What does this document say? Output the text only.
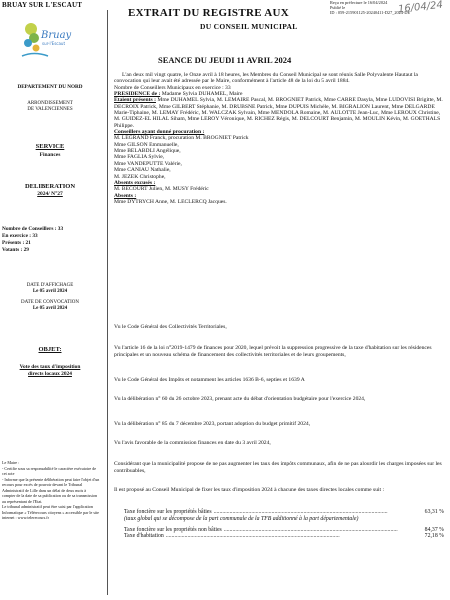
BRUAY SUR L'ESCAUT
Bruay
sur-l'Escaut
DEPARTEMENT DU NORD
ARRONDISSEMENT
DE VALENCIENNES
SERVICE
Finances
DELIBERATION
2024/ N°27
Nombre de Conseillers : 33
En exercice : 33
Présents : 21
Votants : 29
DATE D'AFFICHAGE
Le 05 avril 2024
DATE DE CONVOCATION
Le 05 avril 2024
OBJET:
Vote des taux d'imposition
directs locaux 2024
Le Maire :
- Certifie sous sa responsabilité le caractère exécutoire de cet acte
- Informe que la présente délibération peut faire l'objet d'un recours pour excès de pouvoir devant le Tribunal Administratif de Lille dans un délai de deux mois à compter de la date de sa publication ou de sa transmission au représentant de l'Etat.
Le tribunal administratif peut être saisi par l'application Informatique « Télérecours citoyens » accessible par le site internet : www.telerecours.fr
Reçu en préfecture le 16/04/2024
Publié le
ID : 059-215901125-20240411-D27_2024-DE
16/04/24
EXTRAIT DU REGISTRE AUX
DU CONSEIL MUNICIPAL
SEANCE DU JEUDI 11 AVRIL 2024

L'an deux mil vingt quatre, le Onze avril à 18 heures, les Membres du Conseil Municipal se sont réunis Salle Polyvalente Hautaut la convocation qui leur avait été adressée par le Maire, conformément à l'article 48 de la loi du 5 avril 1884.

Nombre de Conseillers Municipaux en exercice : 33

PRESIDENCE de : Madame Sylvia DUHAMEL, Maire

Etaient présents : Mme DUHAMEL Sylvia, M. LEMAIRE Pascal, M. BROGNIET Patrick, Mme CARRE Dasyla, Mme LUDOVISI Brigitte, M. DECROIX Patrick, Mme GILBERT Stéphanie, M. DRUBSNE Patrick, Mme DUPUIS Michèle, M. BIGRALION Laurent, Mme DELGARDE Marie-Tiphaine, M. LEMAY Frédéric, M. WALCZAK Sylvain, Mme MENDOLA Romaine, M. AULOTTE Jean-Luc, Mme LEROUX Christine, M. GUIDEZ-EL HILAL Siham, Mme LEROY Véronique, M. RICHEZ Régis, M. DELCOURT Benjamin, M. MOULIN Kévin, M. GOETHALS Philippe.

Conseillers ayant donné procuration :

M. LEGRAND Franck, procuration M. BROGNIET Patrick

Mme GILSON Emmanuelle,

Mme BELABDLI Angélique,

Mme FAGLIA Sylvie,

Mme VANDEPUTTE Valérie,

Mme CANIAU Nathalie,

M. JEZEK Christophe,

Absents excusés :

M. BECOURT Julien, M. MUSY Frédéric

Absents :

Mme DYTRYCH Anne, M. LECLERCQ Jacques.

Vu le Code Général des Collectivités Territoriales,
Vu l'article 16 de la loi n°2019-1479 de finances pour 2020, lequel prévoit la suppression progressive de la taxe d'habitation sur les résidences principales et un nouveau schéma de financement des collectivités territoriales et de leurs groupements,
Vu le Code Général des Impôts et notamment les articles 1636 B-6, septies et 1639 A
Vu la délibération n° 60 du 26 octobre 2023, prenant acte du débat d'orientation budgétaire pour l'exercice 2024,
Vu la délibération n° 85 du 7 décembre 2023, portant adoption du budget primitif 2024,
Vu l'avis favorable de la commission finances en date du 3 avril 2024,
Considérant que la municipalité propose de ne pas augmenter les taux des impôts communaux, afin de ne pas alourdir les charges imposées sur les contribuables,
Il est proposé au Conseil Municipal de fixer les taux d'imposition 2024 à chacune des taxes directes locales comme suit :
Taxe foncière sur les propriétés bâties ........................................................................................................................	63,31 %
(taux global qui se décompose de la part communale de la TFB additionné à la part départementale)
Taxe foncière sur les propriétés non bâties ........................................................................................................................	84,37 %
Taxe d'habitation ........................................................................................................................	72,18 %
